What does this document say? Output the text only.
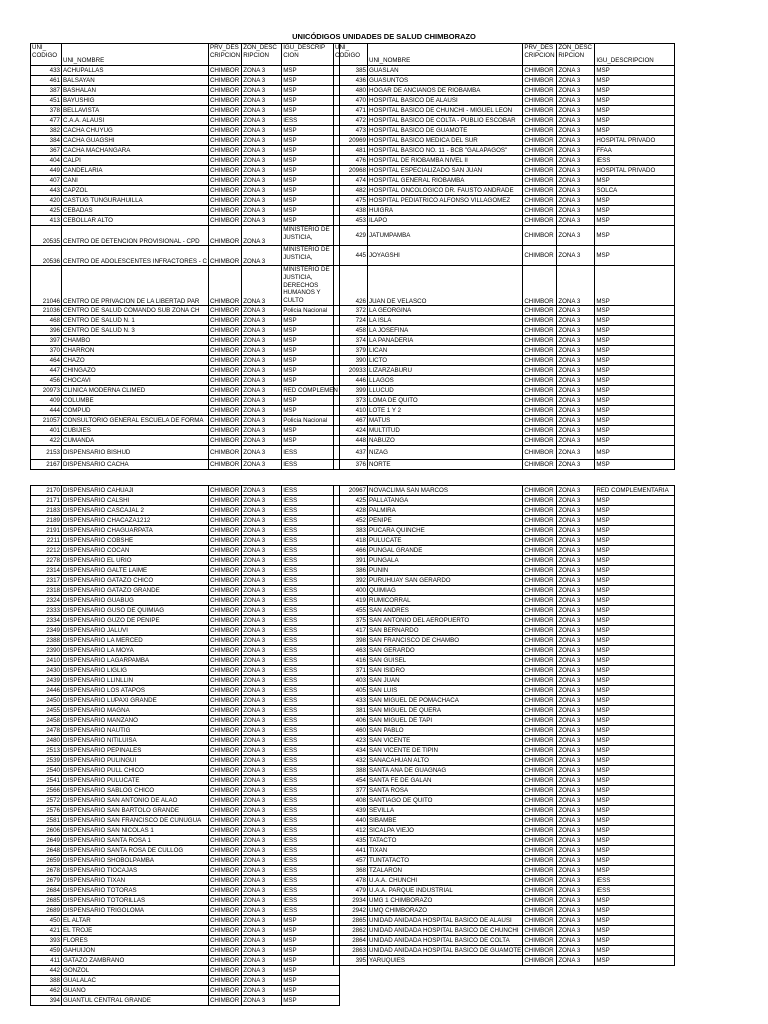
UNICÓDIGOS UNIDADES DE SALUD CHIMBORAZO
UNI_
CODIGO	UNI_NOMBRE	PRV_DES
CRIPCION	ZON_DESC
RIPCION	IGU_DESCRIP
CION
433	ACHUPALLAS	CHIMBOR	ZONA 3	MSP
461	BALSAYAN	CHIMBOR	ZONA 3	MSP
387	BASHALAN	CHIMBOR	ZONA 3	MSP
451	BAYUSHIG	CHIMBOR	ZONA 3	MSP
378	BELLAVISTA	CHIMBOR	ZONA 3	MSP
477	C.A.A. ALAUSI	CHIMBOR	ZONA 3	IESS
382	CACHA CHUYUG	CHIMBOR	ZONA 3	MSP
384	CACHA GUAGSHI	CHIMBOR	ZONA 3	MSP
367	CACHA MACHANGARA	CHIMBOR	ZONA 3	MSP
404	CALPI	CHIMBOR	ZONA 3	MSP
449	CANDELARIA	CHIMBOR	ZONA 3	MSP
407	CANI	CHIMBOR	ZONA 3	MSP
443	CAPZOL	CHIMBOR	ZONA 3	MSP
420	CASTUG TUNGURAHUILLA	CHIMBOR	ZONA 3	MSP
425	CEBADAS	CHIMBOR	ZONA 3	MSP
413	CEBOLLAR ALTO	CHIMBOR	ZONA 3	MSP
20535	CENTRO DE DETENCION PROVISIONAL - CPD	CHIMBOR	ZONA 3	MINISTERIO DE JUSTICIA,
20536	CENTRO DE ADOLESCENTES INFRACTORES - C	CHIMBOR	ZONA 3	MINISTERIO DE JUSTICIA,
21046	CENTRO DE PRIVACION DE LA LIBERTAD PAR	CHIMBOR	ZONA 3	MINISTERIO DE JUSTICIA, DERECHOS HUMANOS Y CULTO
21036	CENTRO DE SALUD COMANDO SUB ZONA CH	CHIMBOR	ZONA 3	Policia Nacional
468	CENTRO DE SALUD N. 1	CHIMBOR	ZONA 3	MSP
396	CENTRO DE SALUD N. 3	CHIMBOR	ZONA 3	MSP
397	CHAMBO	CHIMBOR	ZONA 3	MSP
370	CHARRON	CHIMBOR	ZONA 3	MSP
464	CHAZO	CHIMBOR	ZONA 3	MSP
447	CHINGAZO	CHIMBOR	ZONA 3	MSP
456	CHOCAVI	CHIMBOR	ZONA 3	MSP
20973	CLINICA MODERNA CLIMED	CHIMBOR	ZONA 3	RED COMPLEMEN
409	COLUMBE	CHIMBOR	ZONA 3	MSP
444	COMPUD	CHIMBOR	ZONA 3	MSP
21057	CONSULTORIO GENERAL ESCUELA DE FORMA	CHIMBOR	ZONA 3	Policia Nacional
401	CUBIJIES	CHIMBOR	ZONA 3	MSP
422	CUMANDA	CHIMBOR	ZONA 3	MSP
2153	DISPENSARIO BISHUD	CHIMBOR	ZONA 3	IESS
2167	DISPENSARIO CACHA	CHIMBOR	ZONA 3	IESS

2170	DISPENSARIO CAHUAJI	CHIMBOR	ZONA 3	IESS
2171	DISPENSARIO CALSHI	CHIMBOR	ZONA 3	IESS
2183	DISPENSARIO CASCAJAL 2	CHIMBOR	ZONA 3	IESS
2189	DISPENSARIO CHACAZA1212	CHIMBOR	ZONA 3	IESS
2191	DISPENSARIO CHAGUARPATA	CHIMBOR	ZONA 3	IESS
2211	DISPENSARIO COBSHE	CHIMBOR	ZONA 3	IESS
2212	DISPENSARIO COCAN	CHIMBOR	ZONA 3	IESS
2278	DISPENSARIO EL URIO	CHIMBOR	ZONA 3	IESS
2314	DISPENSARIO GALTE LAIME	CHIMBOR	ZONA 3	IESS
2317	DISPENSARIO GATAZO CHICO	CHIMBOR	ZONA 3	IESS
2318	DISPENSARIO GATAZO GRANDE	CHIMBOR	ZONA 3	IESS
2324	DISPENSARIO GUABUG	CHIMBOR	ZONA 3	IESS
2333	DISPENSARIO GUSO DE QUIMIAG	CHIMBOR	ZONA 3	IESS
2334	DISPENSARIO GUZO DE PENIPE	CHIMBOR	ZONA 3	IESS
2349	DISPENSARIO JALUVI	CHIMBOR	ZONA 3	IESS
2388	DISPENSARIO LA MERCED	CHIMBOR	ZONA 3	IESS
2390	DISPENSARIO LA MOYA	CHIMBOR	ZONA 3	IESS
2410	DISPENSARIO LAGARPAMBA	CHIMBOR	ZONA 3	IESS
2430	DISPENSARIO LIGLIG	CHIMBOR	ZONA 3	IESS
2439	DISPENSARIO LLINLLIN	CHIMBOR	ZONA 3	IESS
2446	DISPENSARIO LOS ATAPOS	CHIMBOR	ZONA 3	IESS
2450	DISPENSARIO LUPAXI GRANDE	CHIMBOR	ZONA 3	IESS
2455	DISPENSARIO MAGNA	CHIMBOR	ZONA 3	IESS
2458	DISPENSARIO MANZANO	CHIMBOR	ZONA 3	IESS
2478	DISPENSARIO NAUTIG	CHIMBOR	ZONA 3	IESS
2480	DISPENSARIO NITILUISA	CHIMBOR	ZONA 3	IESS
2513	DISPENSARIO PEPINALES	CHIMBOR	ZONA 3	IESS
2539	DISPENSARIO PULINGUI	CHIMBOR	ZONA 3	IESS
2540	DISPENSARIO PULL CHICO	CHIMBOR	ZONA 3	IESS
2541	DISPENSARIO PULUCATE	CHIMBOR	ZONA 3	IESS
2566	DISPENSARIO SABLOG CHICO	CHIMBOR	ZONA 3	IESS
2572	DISPENSARIO SAN ANTONIO DE ALAO	CHIMBOR	ZONA 3	IESS
2576	DISPENSARIO SAN BARTOLO GRANDE	CHIMBOR	ZONA 3	IESS
2581	DISPENSARIO SAN FRANCISCO DE CUNUGUA	CHIMBOR	ZONA 3	IESS
2606	DISPENSARIO SAN NICOLAS 1	CHIMBOR	ZONA 3	IESS
2649	DISPENSARIO SANTA ROSA 1	CHIMBOR	ZONA 3	IESS
2648	DISPENSARIO SANTA ROSA DE CULLOG	CHIMBOR	ZONA 3	IESS
2659	DISPENSARIO SHOBOLPAMBA	CHIMBOR	ZONA 3	IESS
2678	DISPENSARIO TIOCAJAS	CHIMBOR	ZONA 3	IESS
2679	DISPENSARIO TIXAN	CHIMBOR	ZONA 3	IESS
2684	DISPENSARIO TOTORAS	CHIMBOR	ZONA 3	IESS
2685	DISPENSARIO TOTORILLAS	CHIMBOR	ZONA 3	IESS
2689	DISPENSARIO TRIGOLOMA	CHIMBOR	ZONA 3	IESS
450	EL ALTAR	CHIMBOR	ZONA 3	MSP
421	EL TROJE	CHIMBOR	ZONA 3	MSP
393	FLORES	CHIMBOR	ZONA 3	MSP
459	GAHUIJON	CHIMBOR	ZONA 3	MSP
411	GATAZO ZAMBRANO	CHIMBOR	ZONA 3	MSP
442	GONZOL	CHIMBOR	ZONA 3	MSP
388	GUALALAC	CHIMBOR	ZONA 3	MSP
462	GUANO	CHIMBOR	ZONA 3	MSP
394	GUANTUL CENTRAL GRANDE	CHIMBOR	ZONA 3	MSP
UNI_
CODIGO	UNI_NOMBRE	PRV_DES
CRIPCION	ZON_DESC
RIPCION	IGU_DESCRIPCION
385	GUASLAN	CHIMBOR	ZONA 3	MSP
436	GUASUNTOS	CHIMBOR	ZONA 3	MSP
480	HOGAR DE ANCIANOS DE RIOBAMBA	CHIMBOR	ZONA 3	MSP
470	HOSPITAL BASICO DE ALAUSI	CHIMBOR	ZONA 3	MSP
471	HOSPITAL BASICO DE CHUNCHI - MIGUEL LEON	CHIMBOR	ZONA 3	MSP
472	HOSPITAL BASICO DE COLTA - PUBLIO ESCOBAR	CHIMBOR	ZONA 3	MSP
473	HOSPITAL BASICO DE GUAMOTE	CHIMBOR	ZONA 3	MSP
20969	HOSPITAL BASICO MEDICA DEL SUR	CHIMBOR	ZONA 3	HOSPITAL PRIVADO
481	HOSPITAL BASICO NO. 11 - BCB "GALAPAGOS"	CHIMBOR	ZONA 3	FFAA
476	HOSPITAL DE RIOBAMBA NIVEL II	CHIMBOR	ZONA 3	IESS
20968	HOSPITAL ESPECIALIZADO SAN JUAN	CHIMBOR	ZONA 3	HOSPITAL PRIVADO
474	HOSPITAL GENERAL RIOBAMBA	CHIMBOR	ZONA 3	MSP
482	HOSPITAL ONCOLOGICO DR. FAUSTO ANDRADE	CHIMBOR	ZONA 3	SOLCA
475	HOSPITAL PEDIATRICO ALFONSO VILLAGOMEZ	CHIMBOR	ZONA 3	MSP
438	HUIGRA	CHIMBOR	ZONA 3	MSP
453	ILAPO	CHIMBOR	ZONA 3	MSP
429	JATUMPAMBA	CHIMBOR	ZONA 3	MSP
445	JOYAGSHI	CHIMBOR	ZONA 3	MSP
426	JUAN DE VELASCO	CHIMBOR	ZONA 3	MSP
372	LA GEORGINA	CHIMBOR	ZONA 3	MSP
724	LA ISLA	CHIMBOR	ZONA 3	MSP
458	LA JOSEFINA	CHIMBOR	ZONA 3	MSP
374	LA PANADERIA	CHIMBOR	ZONA 3	MSP
379	LICAN	CHIMBOR	ZONA 3	MSP
390	LICTO	CHIMBOR	ZONA 3	MSP
20933	LIZARZABURU	CHIMBOR	ZONA 3	MSP
446	LLAGOS	CHIMBOR	ZONA 3	MSP
399	LLUCUD	CHIMBOR	ZONA 3	MSP
373	LOMA DE QUITO	CHIMBOR	ZONA 3	MSP
410	LOTE 1 Y 2	CHIMBOR	ZONA 3	MSP
467	MATUS	CHIMBOR	ZONA 3	MSP
424	MULTITUD	CHIMBOR	ZONA 3	MSP
448	NABUZO	CHIMBOR	ZONA 3	MSP
437	NIZAG	CHIMBOR	ZONA 3	MSP
376	NORTE	CHIMBOR	ZONA 3	MSP

20967	NOVACLIMA SAN MARCOS	CHIMBOR	ZONA 3	RED COMPLEMENTARIA
425	PALLATANGA	CHIMBOR	ZONA 3	MSP
428	PALMIRA	CHIMBOR	ZONA 3	MSP
452	PENIPE	CHIMBOR	ZONA 3	MSP
383	PUCARA QUINCHE	CHIMBOR	ZONA 3	MSP
418	PULUCATE	CHIMBOR	ZONA 3	MSP
466	PUNGAL GRANDE	CHIMBOR	ZONA 3	MSP
391	PUNGALA	CHIMBOR	ZONA 3	MSP
386	PUNIN	CHIMBOR	ZONA 3	MSP
392	PURUHUAY SAN GERARDO	CHIMBOR	ZONA 3	MSP
400	QUIMIAG	CHIMBOR	ZONA 3	MSP
419	RUMICORRAL	CHIMBOR	ZONA 3	MSP
455	SAN ANDRES	CHIMBOR	ZONA 3	MSP
375	SAN ANTONIO DEL AEROPUERTO	CHIMBOR	ZONA 3	MSP
417	SAN BERNARDO	CHIMBOR	ZONA 3	MSP
398	SAN FRANCISCO DE CHAMBO	CHIMBOR	ZONA 3	MSP
463	SAN GERARDO	CHIMBOR	ZONA 3	MSP
416	SAN GUISEL	CHIMBOR	ZONA 3	MSP
371	SAN ISIDRO	CHIMBOR	ZONA 3	MSP
403	SAN JUAN	CHIMBOR	ZONA 3	MSP
405	SAN LUIS	CHIMBOR	ZONA 3	MSP
433	SAN MIGUEL DE POMACHACA	CHIMBOR	ZONA 3	MSP
381	SAN MIGUEL DE QUERA	CHIMBOR	ZONA 3	MSP
406	SAN MIGUEL DE TAPI	CHIMBOR	ZONA 3	MSP
460	SAN PABLO	CHIMBOR	ZONA 3	MSP
423	SAN VICENTE	CHIMBOR	ZONA 3	MSP
434	SAN VICENTE DE TIPIN	CHIMBOR	ZONA 3	MSP
432	SANACAHUAN ALTO	CHIMBOR	ZONA 3	MSP
388	SANTA ANA DE GUAGNAG	CHIMBOR	ZONA 3	MSP
454	SANTA FE DE GALAN	CHIMBOR	ZONA 3	MSP
377	SANTA ROSA	CHIMBOR	ZONA 3	MSP
408	SANTIAGO DE QUITO	CHIMBOR	ZONA 3	MSP
439	SEVILLA	CHIMBOR	ZONA 3	MSP
440	SIBAMBE	CHIMBOR	ZONA 3	MSP
412	SICALPA VIEJO	CHIMBOR	ZONA 3	MSP
435	TATACTO	CHIMBOR	ZONA 3	MSP
441	TIXAN	CHIMBOR	ZONA 3	MSP
457	TUNTATACTO	CHIMBOR	ZONA 3	MSP
368	TZALARON	CHIMBOR	ZONA 3	MSP
478	U.A.A. CHUNCHI	CHIMBOR	ZONA 3	IESS
479	U.A.A. PARQUE INDUSTRIAL	CHIMBOR	ZONA 3	IESS
2934	UMG 1 CHIMBORAZO	CHIMBOR	ZONA 3	MSP
2942	UMQ CHIMBORAZO	CHIMBOR	ZONA 3	MSP
2865	UNIDAD ANIDADA HOSPITAL BASICO DE ALAUSI	CHIMBOR	ZONA 3	MSP
2862	UNIDAD ANIDADA HOSPITAL BASICO DE CHUNCHI	CHIMBOR	ZONA 3	MSP
2864	UNIDAD ANIDADA HOSPITAL BASICO DE COLTA	CHIMBOR	ZONA 3	MSP
2863	UNIDAD ANIDADA HOSPITAL BASICO DE GUAMOTE	CHIMBOR	ZONA 3	MSP
395	YARUQUIES	CHIMBOR	ZONA 3	MSP
